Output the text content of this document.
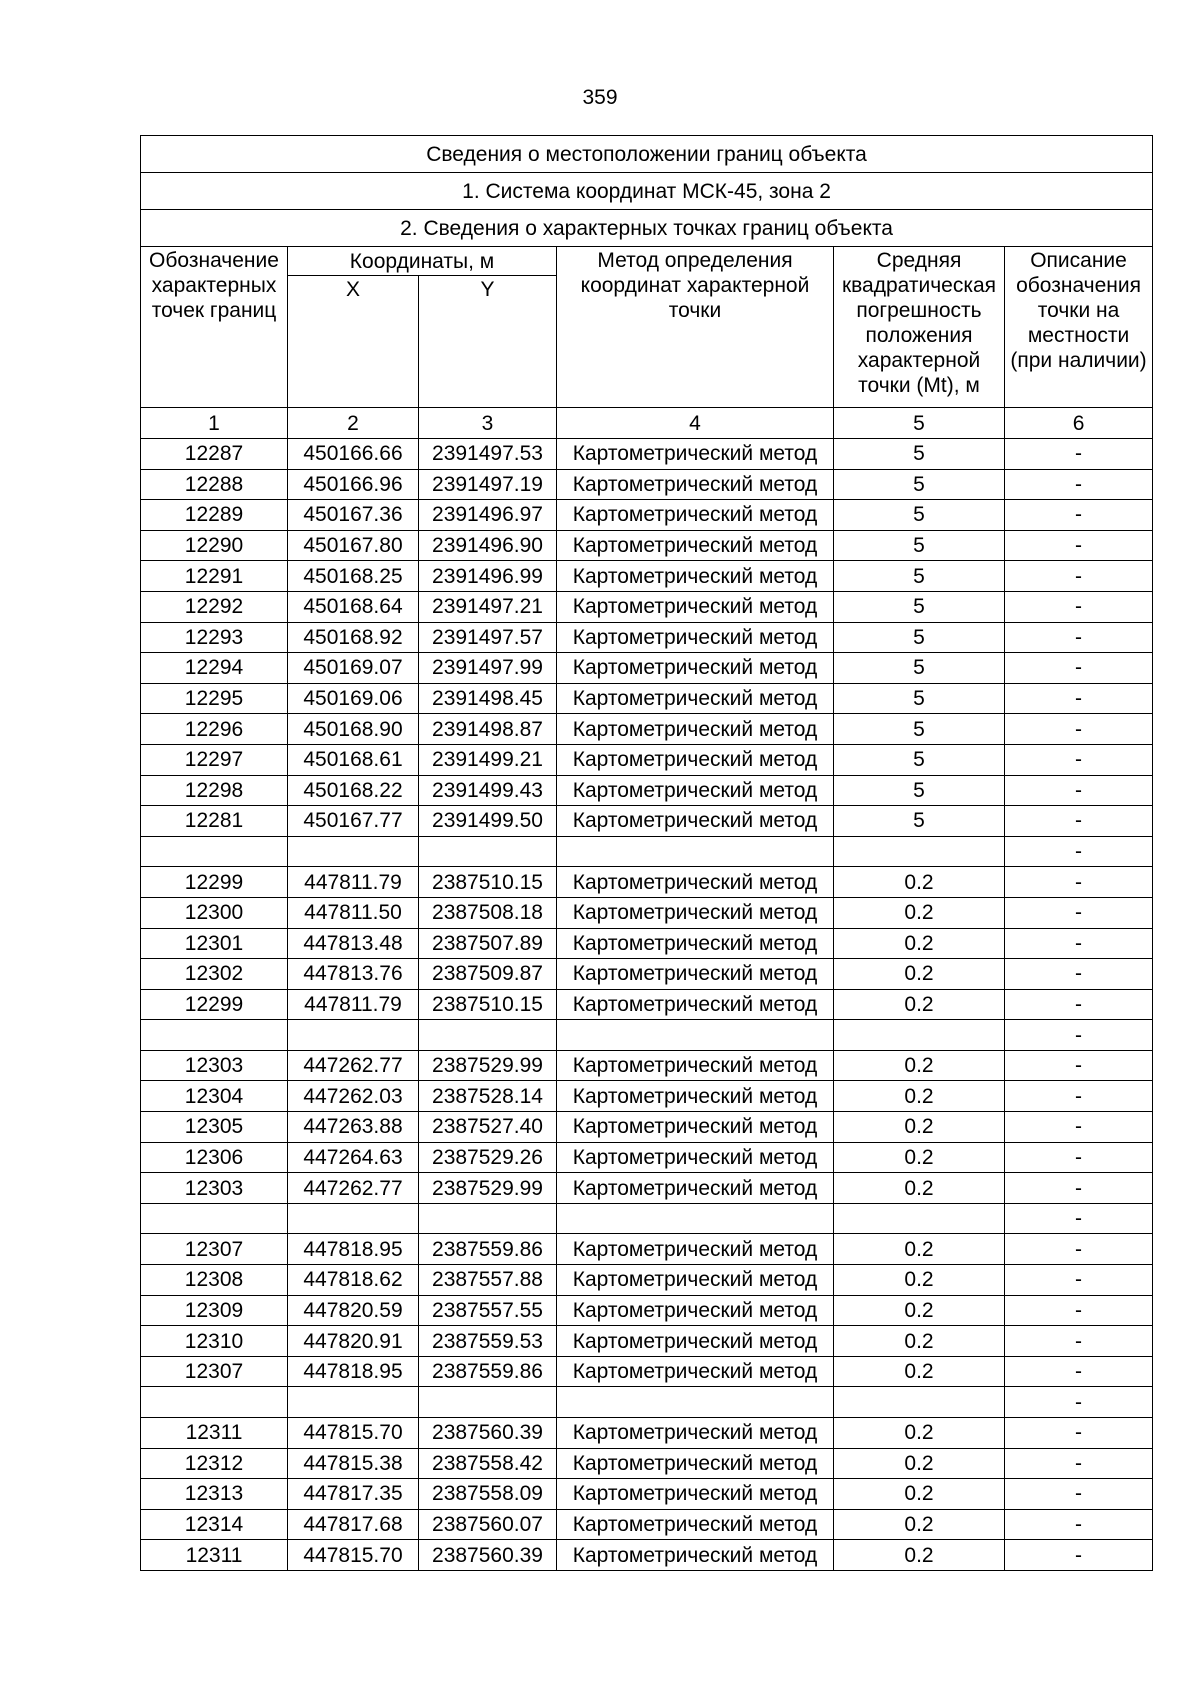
359
Сведения о местоположении границ объекта					
1. Система координат МСК-45, зона 2					
2. Сведения о характерных точках границ объекта					
Обозначение характерных точек границ	Координаты, м		Метод определения координат характерной точки	Средняя квадратическая погрешность положения характерной точки (Mt), м	Описание обозначения точки на местности (при наличии)
	X	Y			
1	2	3	4	5	6
12287	450166.66	2391497.53	Картометрический метод	5	-
12288	450166.96	2391497.19	Картометрический метод	5	-
12289	450167.36	2391496.97	Картометрический метод	5	-
12290	450167.80	2391496.90	Картометрический метод	5	-
12291	450168.25	2391496.99	Картометрический метод	5	-
12292	450168.64	2391497.21	Картометрический метод	5	-
12293	450168.92	2391497.57	Картометрический метод	5	-
12294	450169.07	2391497.99	Картометрический метод	5	-
12295	450169.06	2391498.45	Картометрический метод	5	-
12296	450168.90	2391498.87	Картометрический метод	5	-
12297	450168.61	2391499.21	Картометрический метод	5	-
12298	450168.22	2391499.43	Картометрический метод	5	-
12281	450167.77	2391499.50	Картометрический метод	5	-
					-
12299	447811.79	2387510.15	Картометрический метод	0.2	-
12300	447811.50	2387508.18	Картометрический метод	0.2	-
12301	447813.48	2387507.89	Картометрический метод	0.2	-
12302	447813.76	2387509.87	Картометрический метод	0.2	-
12299	447811.79	2387510.15	Картометрический метод	0.2	-
					-
12303	447262.77	2387529.99	Картометрический метод	0.2	-
12304	447262.03	2387528.14	Картометрический метод	0.2	-
12305	447263.88	2387527.40	Картометрический метод	0.2	-
12306	447264.63	2387529.26	Картометрический метод	0.2	-
12303	447262.77	2387529.99	Картометрический метод	0.2	-
					-
12307	447818.95	2387559.86	Картометрический метод	0.2	-
12308	447818.62	2387557.88	Картометрический метод	0.2	-
12309	447820.59	2387557.55	Картометрический метод	0.2	-
12310	447820.91	2387559.53	Картометрический метод	0.2	-
12307	447818.95	2387559.86	Картометрический метод	0.2	-
					-
12311	447815.70	2387560.39	Картометрический метод	0.2	-
12312	447815.38	2387558.42	Картометрический метод	0.2	-
12313	447817.35	2387558.09	Картометрический метод	0.2	-
12314	447817.68	2387560.07	Картометрический метод	0.2	-
12311	447815.70	2387560.39	Картометрический метод	0.2	-
